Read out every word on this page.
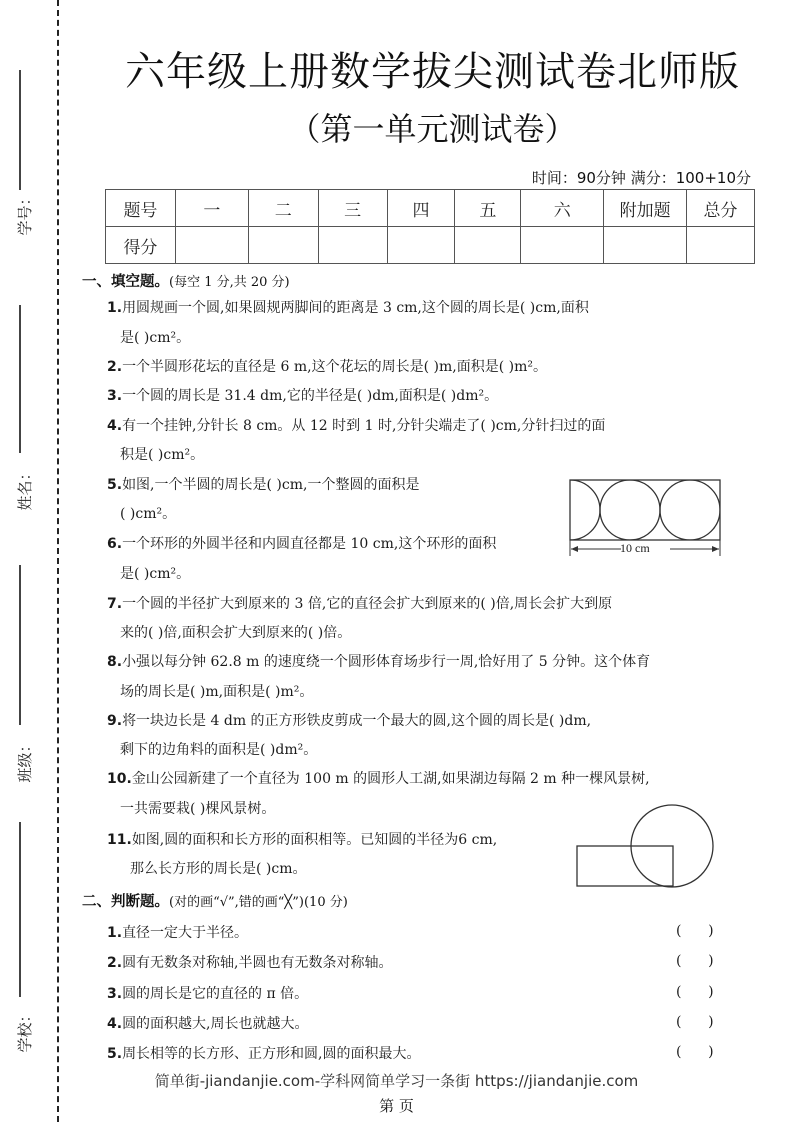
学号：
姓名：
班级：
学校：
六年级上册数学拔尖测试卷北师版
（第一单元测试卷）
时间：90分钟 满分：100+10分
题号	一	二	三	四	五	六	附加题	总分
得分								
一、填空题。(每空 1 分,共 20 分)
1.用圆规画一个圆,如果圆规两脚间的距离是 3 cm,这个圆的周长是( )cm,面积
是( )cm²。
2.一个半圆形花坛的直径是 6 m,这个花坛的周长是( )m,面积是( )m²。
3.一个圆的周长是 31.4 dm,它的半径是( )dm,面积是( )dm²。
4.有一个挂钟,分针长 8 cm。从 12 时到 1 时,分针尖端走了( )cm,分针扫过的面
积是( )cm²。
5.如图,一个半圆的周长是( )cm,一个整圆的面积是
( )cm²。
6.一个环形的外圆半径和内圆直径都是 10 cm,这个环形的面积
是( )cm²。
10 cm
7.一个圆的半径扩大到原来的 3 倍,它的直径会扩大到原来的( )倍,周长会扩大到原
来的( )倍,面积会扩大到原来的( )倍。
8.小强以每分钟 62.8 m 的速度绕一个圆形体育场步行一周,恰好用了 5 分钟。这个体育
场的周长是( )m,面积是( )m²。
9.将一块边长是 4 dm 的正方形铁皮剪成一个最大的圆,这个圆的周长是( )dm,
剩下的边角料的面积是( )dm²。
10.金山公园新建了一个直径为 100 m 的圆形人工湖,如果湖边每隔 2 m 种一棵风景树,
一共需要栽( )棵风景树。
11.如图,圆的面积和长方形的面积相等。已知圆的半径为6 cm,
那么长方形的周长是( )cm。
二、判断题。(对的画“√”,错的画“╳”)(10 分)
1.直径一定大于半径。	(      )
2.圆有无数条对称轴,半圆也有无数条对称轴。	(      )
3.圆的周长是它的直径的 π 倍。	(      )
4.圆的面积越大,周长也就越大。	(      )
5.周长相等的长方形、正方形和圆,圆的面积最大。	(      )
简单街-jiandanjie.com-学科网简单学习一条街 https://jiandanjie.com
第 页
